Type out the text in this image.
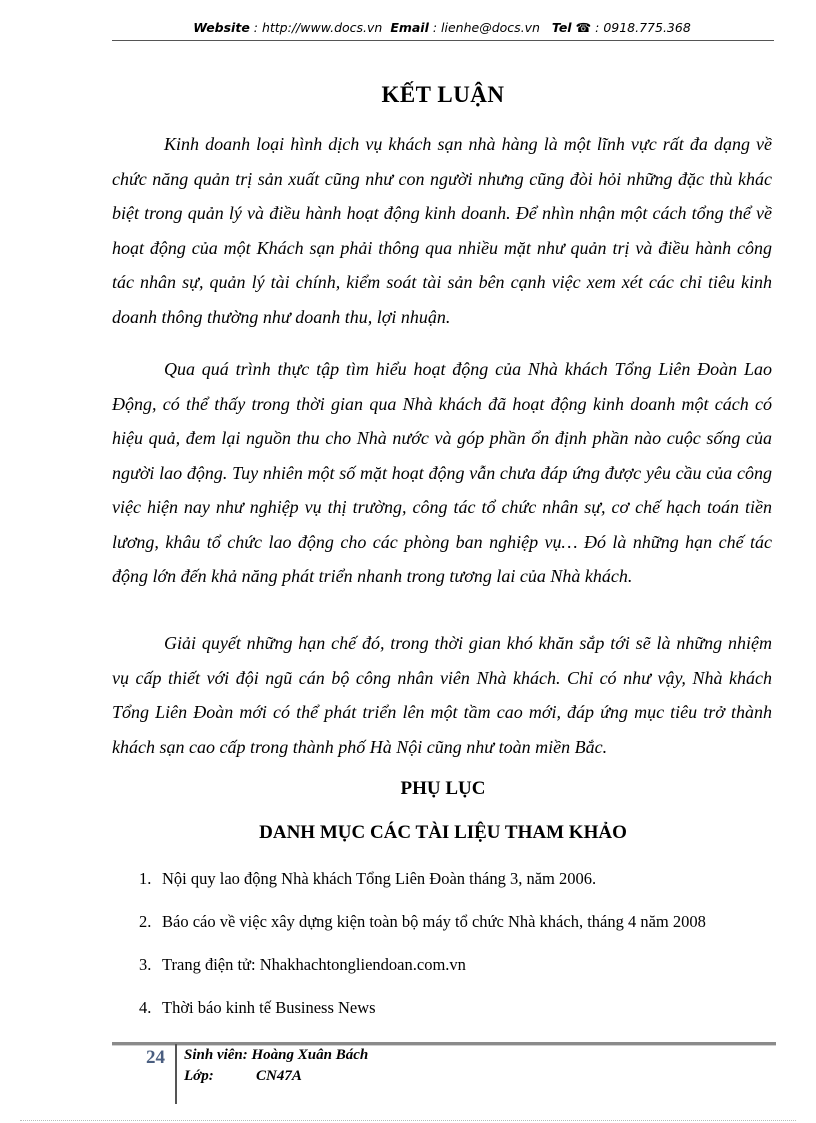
Website : http://www.docs.vn Email : lienhe@docs.vn Tel ☎ : 0918.775.368
KẾT LUẬN

Kinh doanh loại hình dịch vụ khách sạn nhà hàng là một lĩnh vực rất đa dạng về chức năng quản trị sản xuất cũng như con người nhưng cũng đòi hỏi những đặc thù khác biệt trong quản lý và điều hành hoạt động kinh doanh. Để nhìn nhận một cách tổng thể về hoạt động của một Khách sạn phải thông qua nhiều mặt như quản trị và điều hành công tác nhân sự, quản lý tài chính, kiểm soát tài sản bên cạnh việc xem xét các chỉ tiêu kinh doanh thông thường như doanh thu, lợi nhuận.

Qua quá trình thực tập tìm hiểu hoạt động của Nhà khách Tổng Liên Đoàn Lao Động, có thể thấy trong thời gian qua Nhà khách đã hoạt động kinh doanh một cách có hiệu quả, đem lại nguồn thu cho Nhà nước và góp phần ổn định phần nào cuộc sống của người lao động. Tuy nhiên một số mặt hoạt động vẫn chưa đáp ứng được yêu cầu của công việc hiện nay như nghiệp vụ thị trường, công tác tổ chức nhân sự, cơ chế hạch toán tiền lương, khâu tổ chức lao động cho các phòng ban nghiệp vụ… Đó là những hạn chế tác động lớn đến khả năng phát triển nhanh trong tương lai của Nhà khách.

Giải quyết những hạn chế đó, trong thời gian khó khăn sắp tới sẽ là những nhiệm vụ cấp thiết với đội ngũ cán bộ công nhân viên Nhà khách. Chỉ có như vậy, Nhà khách Tổng Liên Đoàn mới có thể phát triển lên một tầm cao mới, đáp ứng mục tiêu trở thành khách sạn cao cấp trong thành phố Hà Nội cũng như toàn miền Bắc.

PHỤ LỤC
DANH MỤC CÁC TÀI LIỆU THAM KHẢO
1. Nội quy lao động Nhà khách Tổng Liên Đoàn tháng 3, năm 2006.
2. Báo cáo về việc xây dựng kiện toàn bộ máy tổ chức Nhà khách, tháng 4 năm 2008
3. Trang điện tử: Nhakhachtongliendoan.com.vn
4. Thời báo kinh tế Business News
24 Sinh viên: Hoàng Xuân Bách
Lớp:	CN47A
